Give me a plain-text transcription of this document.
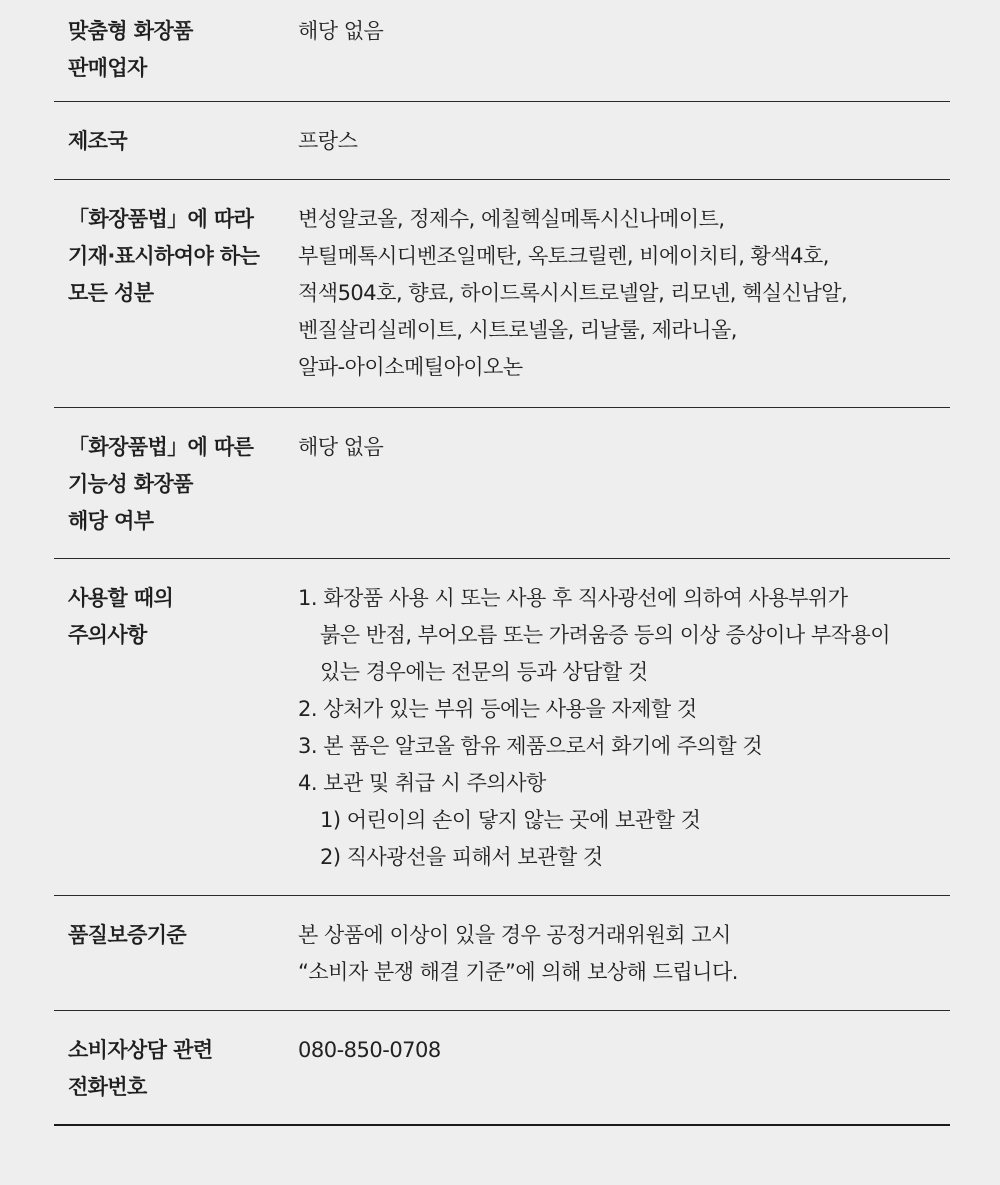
맞춤형 화장품
판매업자
해당 없음
제조국	프랑스
「화장품법」에 따라
기재·표시하여야 하는
모든 성분
변성알코올, 정제수, 에칠헥실메톡시신나메이트,
부틸메톡시디벤조일메탄, 옥토크릴렌, 비에이치티, 황색4호,
적색504호, 향료, 하이드록시시트로넬알, 리모넨, 헥실신남알,
벤질살리실레이트, 시트로넬올, 리날룰, 제라니올,
알파-아이소메틸아이오논
「화장품법」에 따른
기능성 화장품
해당 여부
해당 없음
사용할 때의
주의사항
1. 화장품 사용 시 또는 사용 후 직사광선에 의하여 사용부위가
붉은 반점, 부어오름 또는 가려움증 등의 이상 증상이나 부작용이
있는 경우에는 전문의 등과 상담할 것
2. 상처가 있는 부위 등에는 사용을 자제할 것
3. 본 품은 알코올 함유 제품으로서 화기에 주의할 것
4. 보관 및 취급 시 주의사항
1) 어린이의 손이 닿지 않는 곳에 보관할 것
2) 직사광선을 피해서 보관할 것
품질보증기준	본 상품에 이상이 있을 경우 공정거래위원회 고시
“소비자 분쟁 해결 기준”에 의해 보상해 드립니다.
소비자상담 관련
전화번호
080-850-0708
